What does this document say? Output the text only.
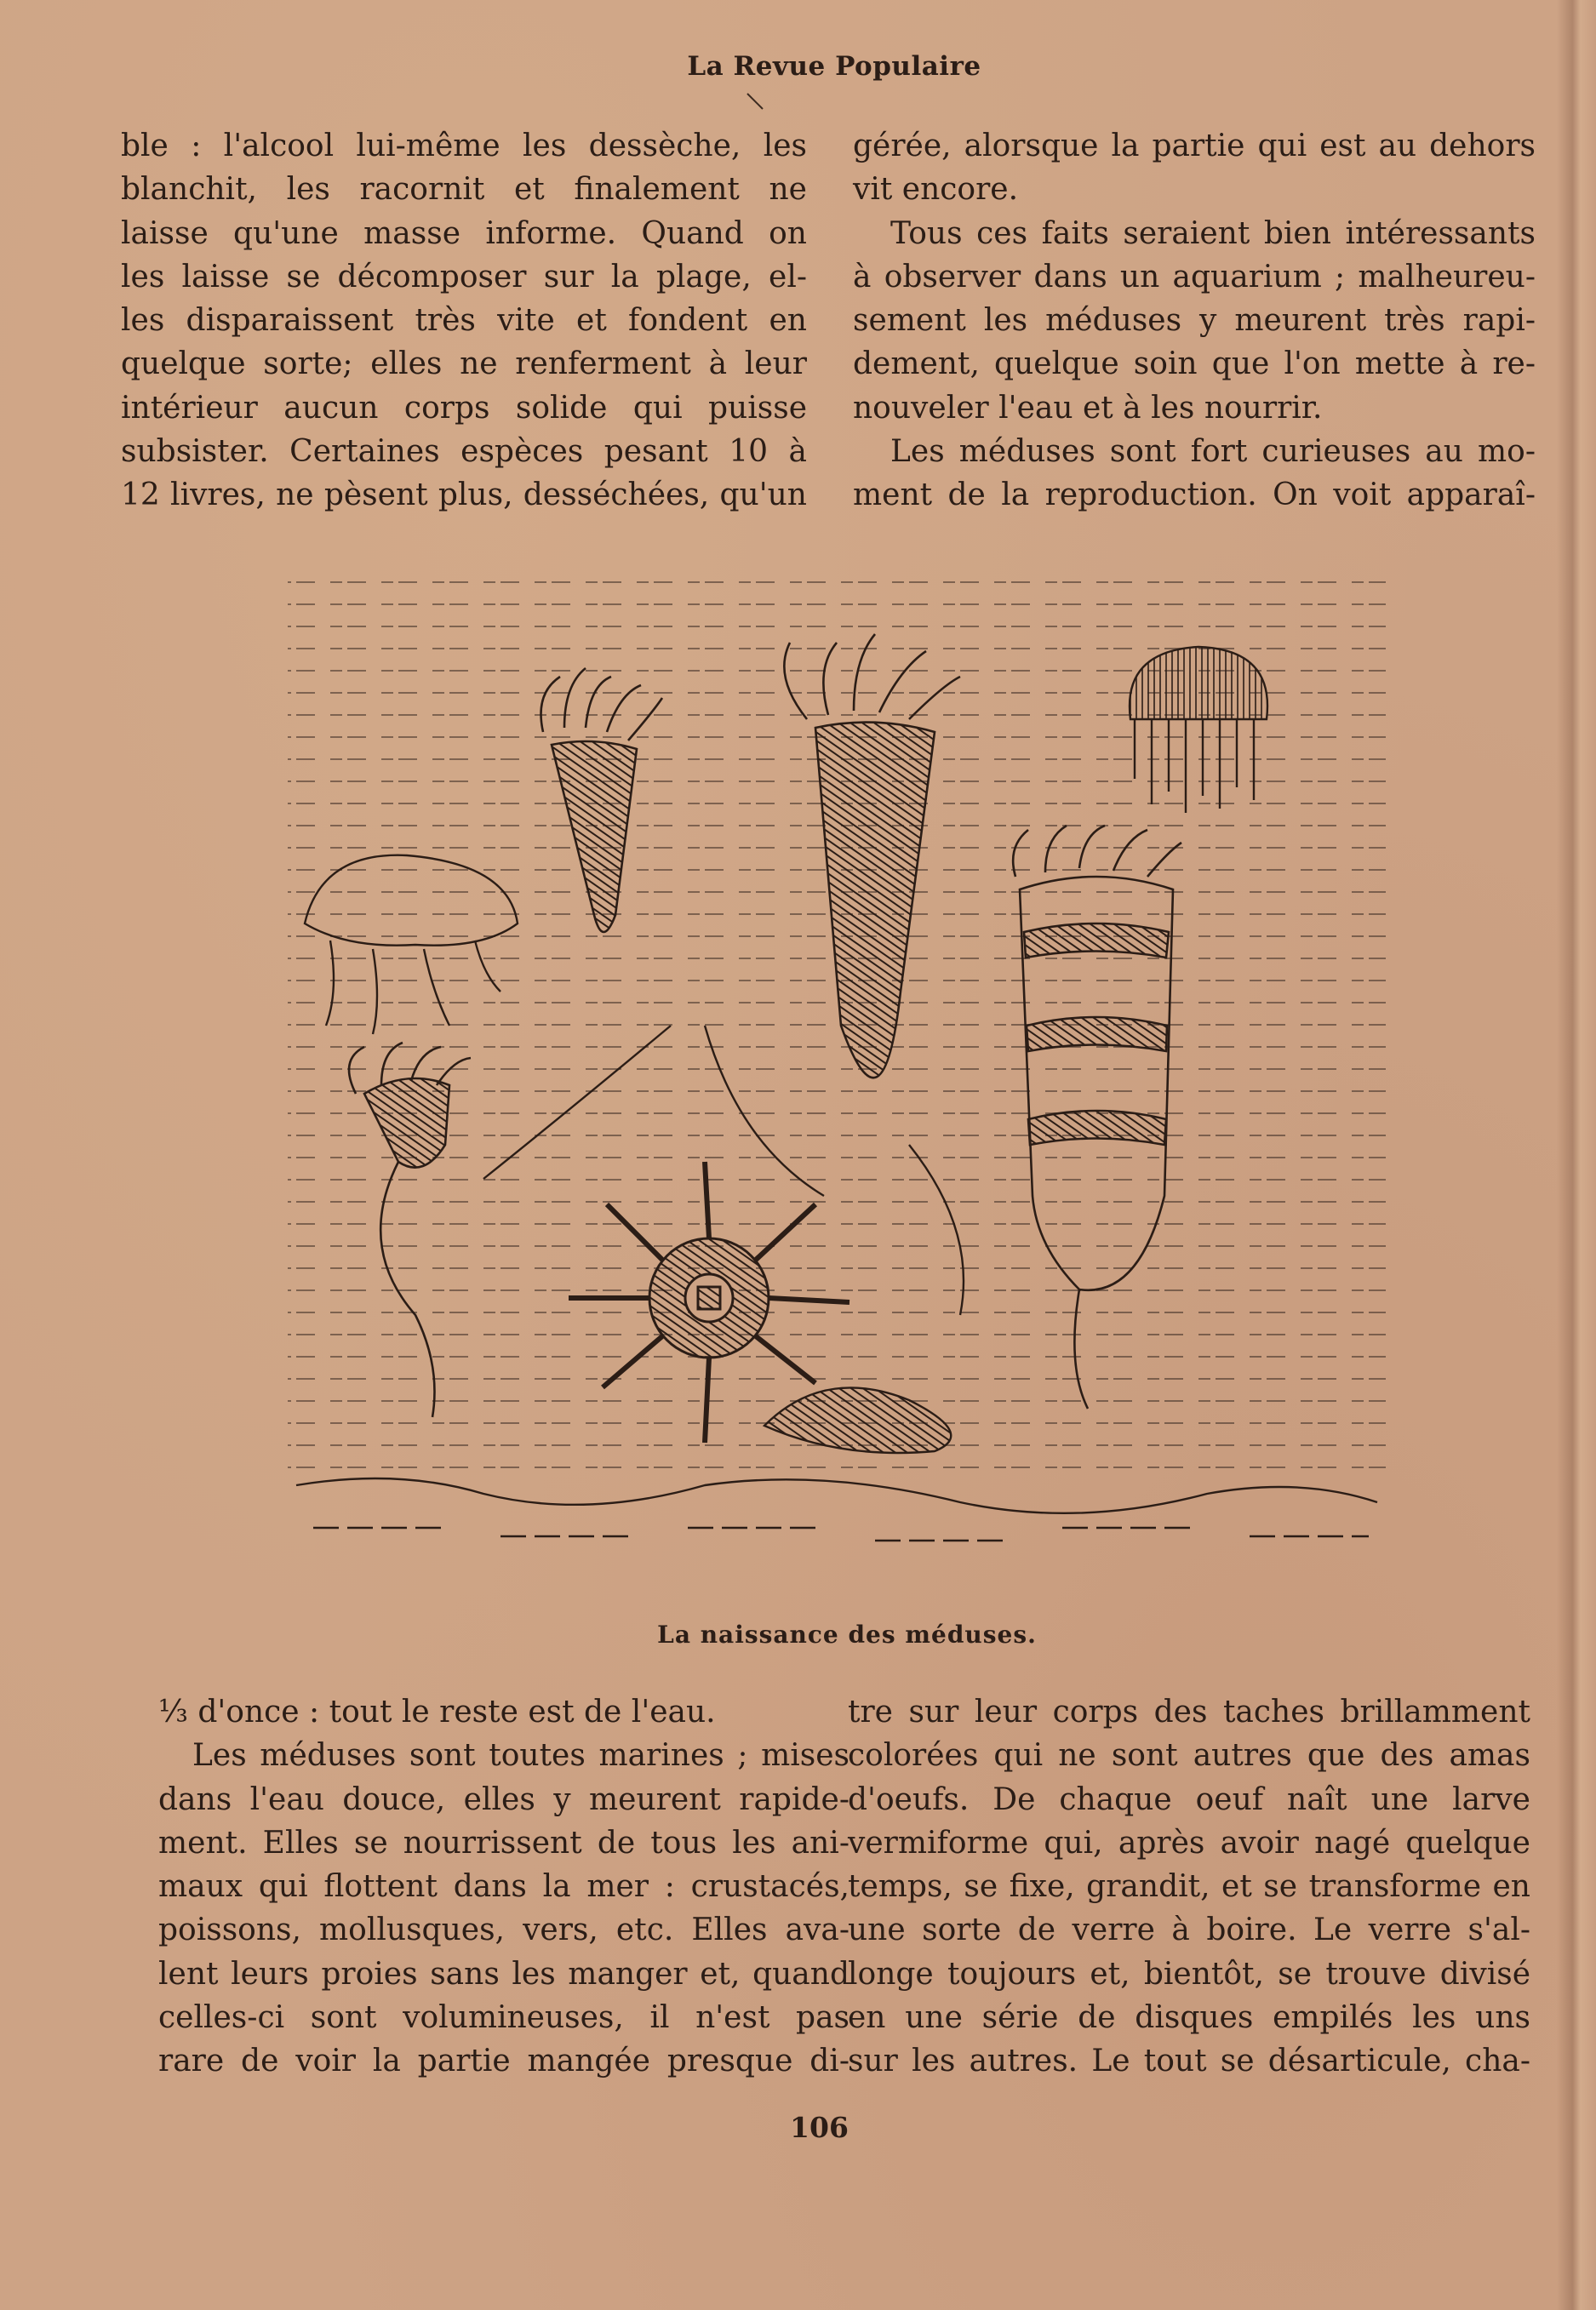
La Revue Populaire
ble : l'alcool lui-même les dessèche, les
blanchit, les racornit et finalement ne
laisse qu'une masse informe. Quand on
les laisse se décomposer sur la plage, el-
les disparaissent très vite et fondent en
quelque sorte; elles ne renferment à leur
intérieur aucun corps solide qui puisse
subsister. Certaines espèces pesant 10 à
12 livres, ne pèsent plus, desséchées, qu'un
gérée, alorsque la partie qui est au dehors
vit encore.
Tous ces faits seraient bien intéressants
à observer dans un aquarium ; malheureu-
sement les méduses y meurent très rapi-
dement, quelque soin que l'on mette à re-
nouveler l'eau et à les nourrir.
Les méduses sont fort curieuses au mo-
ment de la reproduction. On voit apparaî-
La naissance des méduses.
⅓ d'once : tout le reste est de l'eau.
Les méduses sont toutes marines ; mises
dans l'eau douce, elles y meurent rapide-
ment. Elles se nourrissent de tous les ani-
maux qui flottent dans la mer : crustacés,
poissons, mollusques, vers, etc. Elles ava-
lent leurs proies sans les manger et, quand
celles-ci sont volumineuses, il n'est pas
rare de voir la partie mangée presque di-
tre sur leur corps des taches brillamment
colorées qui ne sont autres que des amas
d'oeufs. De chaque oeuf naît une larve
vermiforme qui, après avoir nagé quelque
temps, se fixe, grandit, et se transforme en
une sorte de verre à boire. Le verre s'al-
longe toujours et, bientôt, se trouve divisé
en une série de disques empilés les uns
sur les autres. Le tout se désarticule, cha-
106
